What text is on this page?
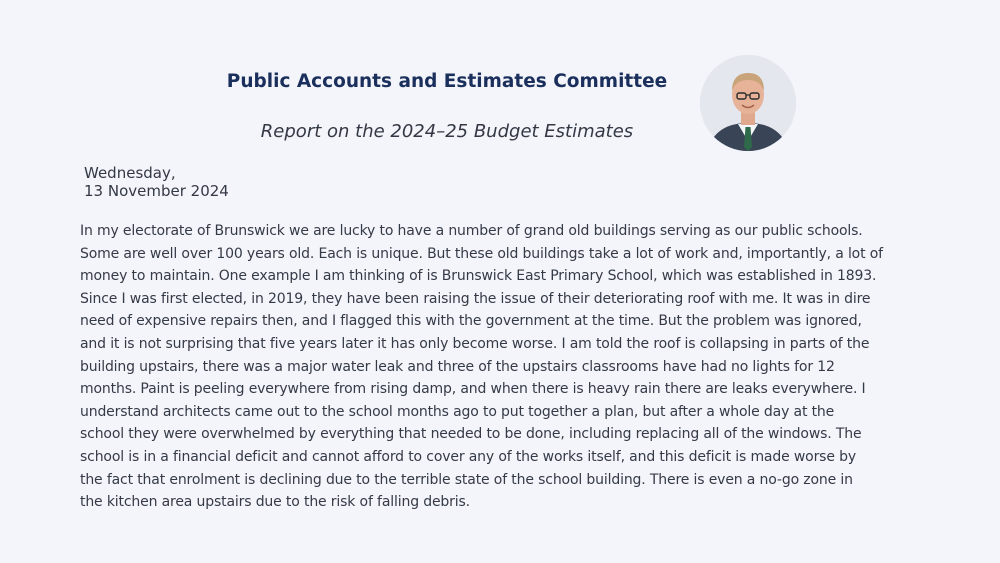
Public Accounts and Estimates Committee
Report on the 2024–25 Budget Estimates
Wednesday,
13 November 2024

In my electorate of Brunswick we are lucky to have a number of grand old buildings serving as our public schools.
Some are well over 100 years old. Each is unique. But these old buildings take a lot of work and, importantly, a lot of
money to maintain. One example I am thinking of is Brunswick East Primary School, which was established in 1893.
Since I was first elected, in 2019, they have been raising the issue of their deteriorating roof with me. It was in dire
need of expensive repairs then, and I flagged this with the government at the time. But the problem was ignored,
and it is not surprising that five years later it has only become worse. I am told the roof is collapsing in parts of the
building upstairs, there was a major water leak and three of the upstairs classrooms have had no lights for 12
months. Paint is peeling everywhere from rising damp, and when there is heavy rain there are leaks everywhere. I
understand architects came out to the school months ago to put together a plan, but after a whole day at the
school they were overwhelmed by everything that needed to be done, including replacing all of the windows. The
school is in a financial deficit and cannot afford to cover any of the works itself, and this deficit is made worse by
the fact that enrolment is declining due to the terrible state of the school building. There is even a no-go zone in
the kitchen area upstairs due to the risk of falling debris.
